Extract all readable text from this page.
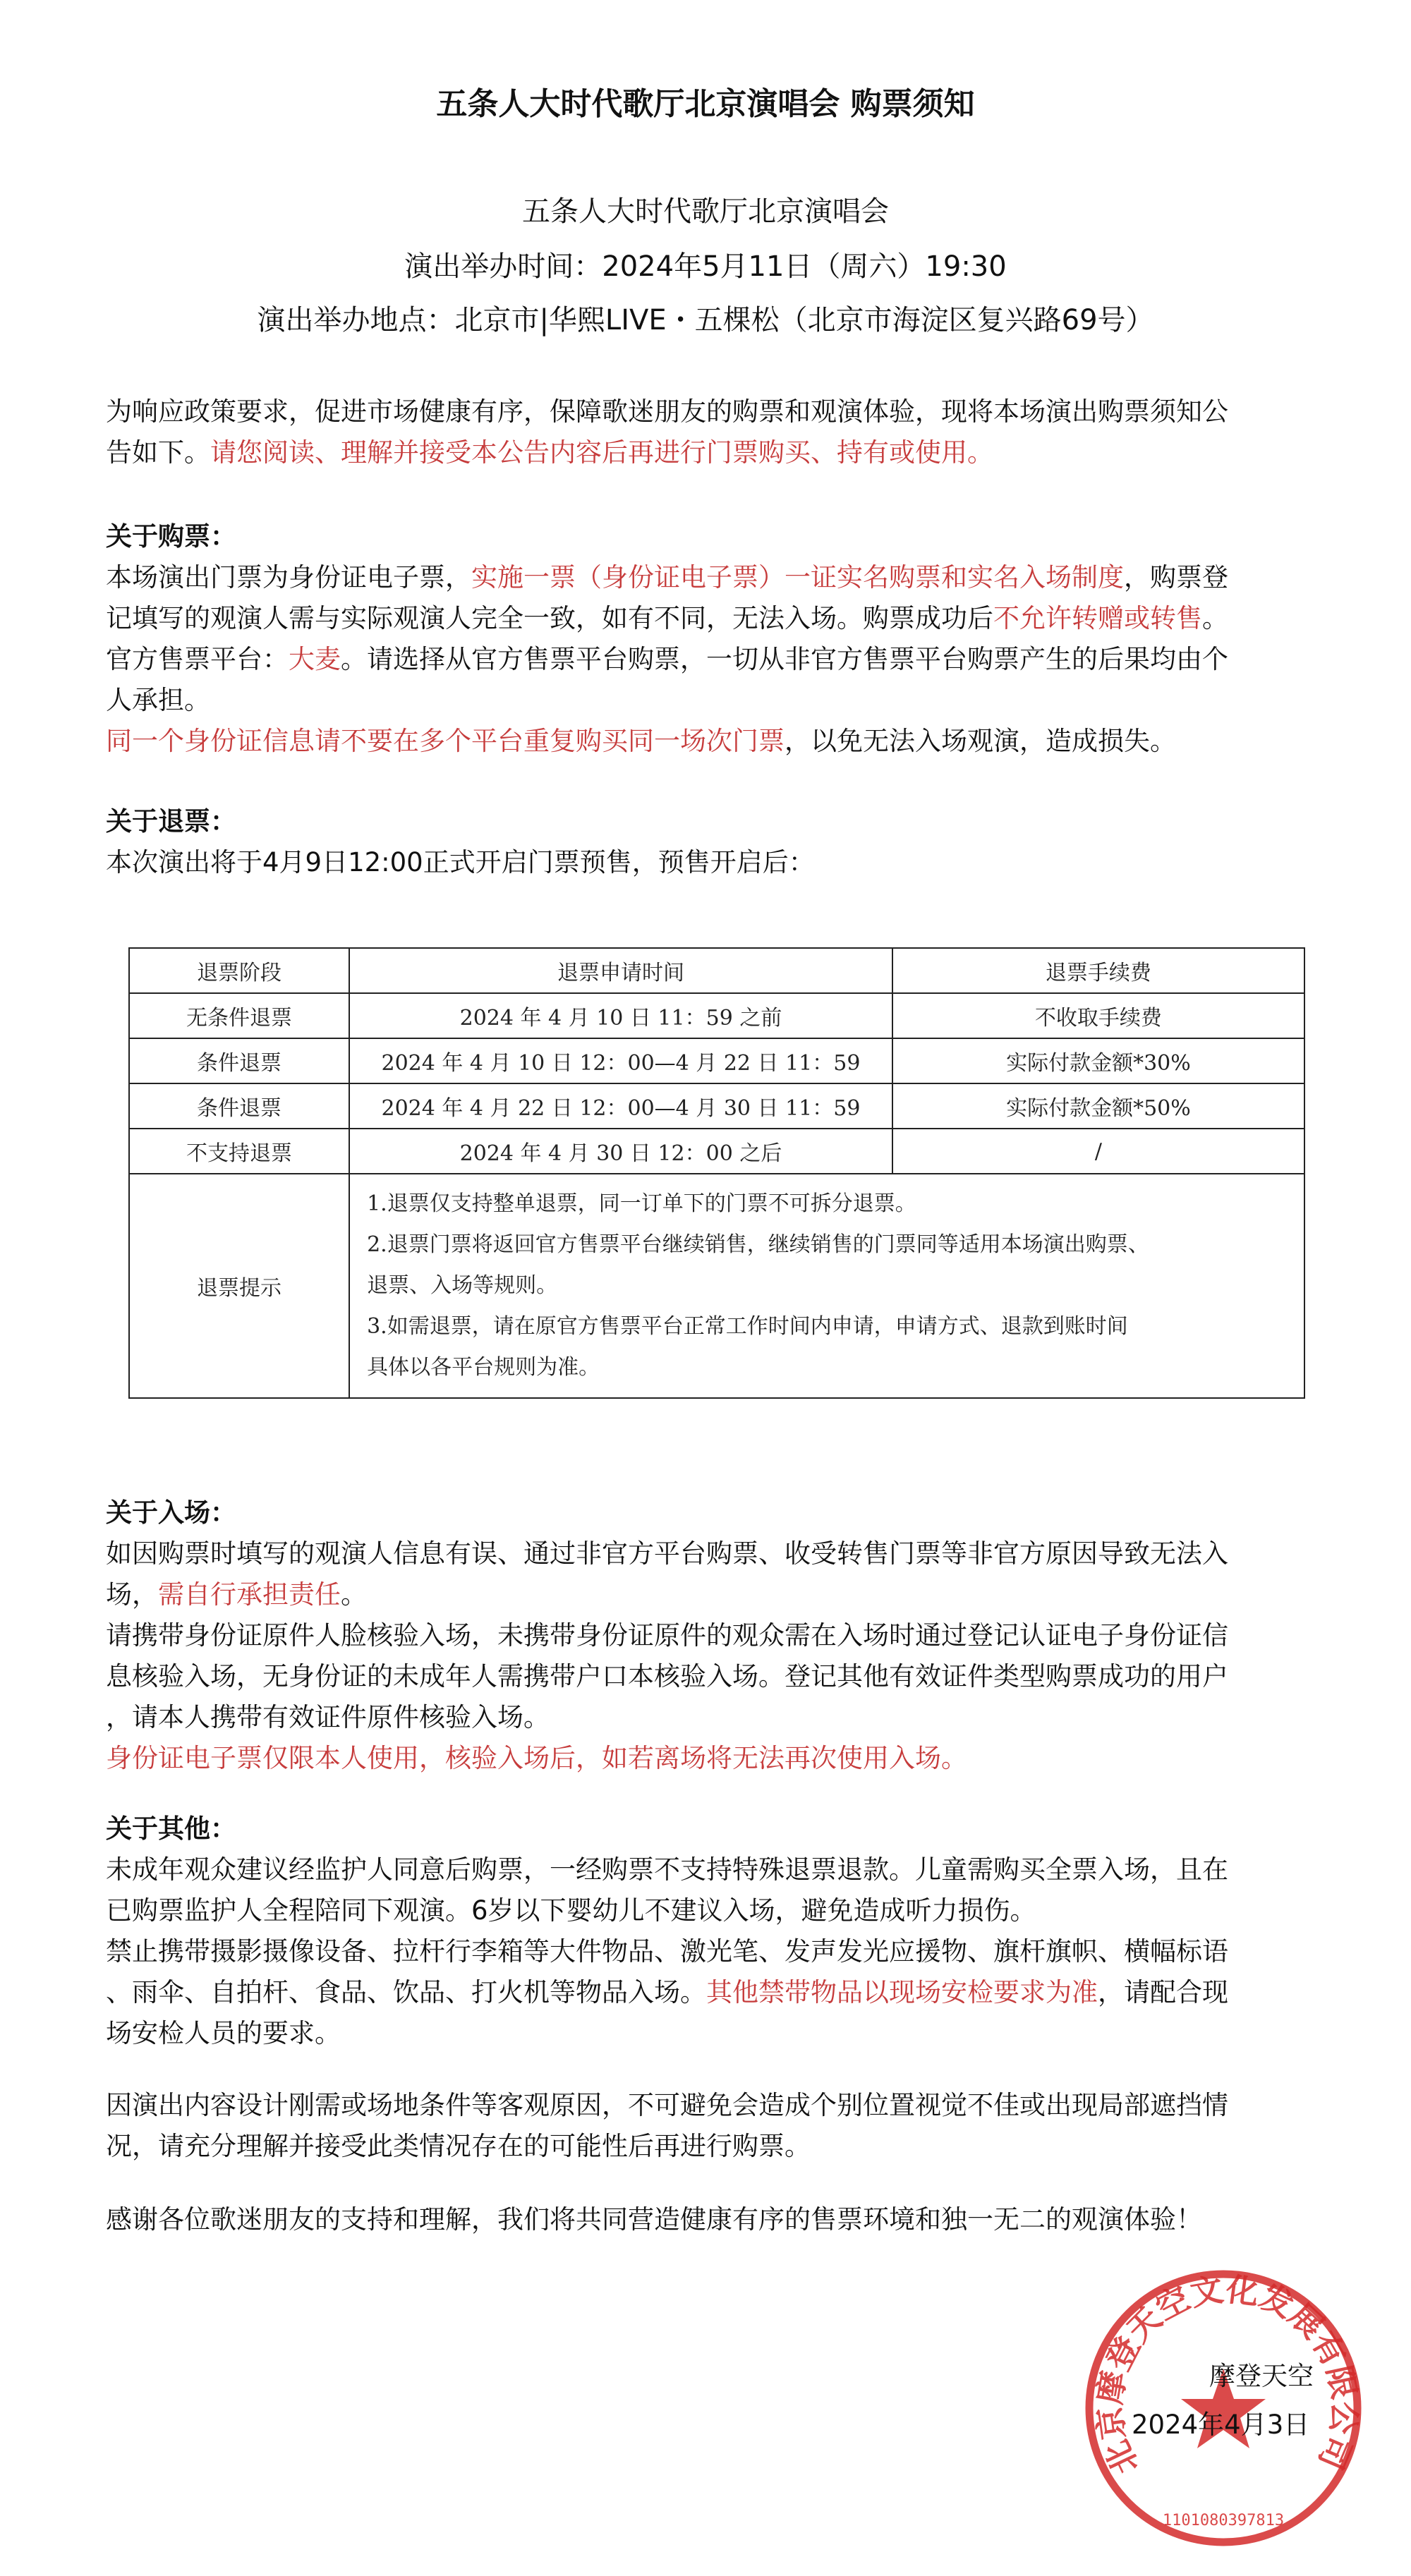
五条人大时代歌厅北京演唱会 购票须知
五条人大时代歌厅北京演唱会
演出举办时间：2024年5月11日（周六）19:30
演出举办地点：北京市|华熙LIVE・五棵松（北京市海淀区复兴路69号）
为响应政策要求，促进市场健康有序，保障歌迷朋友的购票和观演体验，现将本场演出购票须知公
告如下。请您阅读、理解并接受本公告内容后再进行门票购买、持有或使用。
关于购票：
本场演出门票为身份证电子票，实施一票（身份证电子票）一证实名购票和实名入场制度，购票登
记填写的观演人需与实际观演人完全一致，如有不同，无法入场。购票成功后不允许转赠或转售。
官方售票平台：大麦。请选择从官方售票平台购票，一切从非官方售票平台购票产生的后果均由个
人承担。
同一个身份证信息请不要在多个平台重复购买同一场次门票，以免无法入场观演，造成损失。
关于退票：
本次演出将于4月9日12:00正式开启门票预售，预售开启后：
退票阶段	退票申请时间	退票手续费
无条件退票	2024 年 4 月 10 日 11：59 之前	不收取手续费
条件退票	2024 年 4 月 10 日 12：00—4 月 22 日 11：59	实际付款金额*30%
条件退票	2024 年 4 月 22 日 12：00—4 月 30 日 11：59	实际付款金额*50%
不支持退票	2024 年 4 月 30 日 12：00 之后	/
退票提示	1.退票仅支持整单退票，同一订单下的门票不可拆分退票。
2.退票门票将返回官方售票平台继续销售，继续销售的门票同等适用本场演出购票、
退票、入场等规则。
3.如需退票，请在原官方售票平台正常工作时间内申请，申请方式、退款到账时间
具体以各平台规则为准。	
关于入场：
如因购票时填写的观演人信息有误、通过非官方平台购票、收受转售门票等非官方原因导致无法入
场，需自行承担责任。
请携带身份证原件人脸核验入场，未携带身份证原件的观众需在入场时通过登记认证电子身份证信
息核验入场，无身份证的未成年人需携带户口本核验入场。登记其他有效证件类型购票成功的用户
，请本人携带有效证件原件核验入场。
身份证电子票仅限本人使用，核验入场后，如若离场将无法再次使用入场。
关于其他：
未成年观众建议经监护人同意后购票，一经购票不支持特殊退票退款。儿童需购买全票入场，且在
已购票监护人全程陪同下观演。6岁以下婴幼儿不建议入场，避免造成听力损伤。
禁止携带摄影摄像设备、拉杆行李箱等大件物品、激光笔、发声发光应援物、旗杆旗帜、横幅标语
、雨伞、自拍杆、食品、饮品、打火机等物品入场。其他禁带物品以现场安检要求为准，请配合现
场安检人员的要求。
因演出内容设计刚需或场地条件等客观原因，不可避免会造成个别位置视觉不佳或出现局部遮挡情
况，请充分理解并接受此类情况存在的可能性后再进行购票。
感谢各位歌迷朋友的支持和理解，我们将共同营造健康有序的售票环境和独一无二的观演体验！
北京摩登天空文化发展有限公司
1101080397813
摩登天空
2024年4月3日
